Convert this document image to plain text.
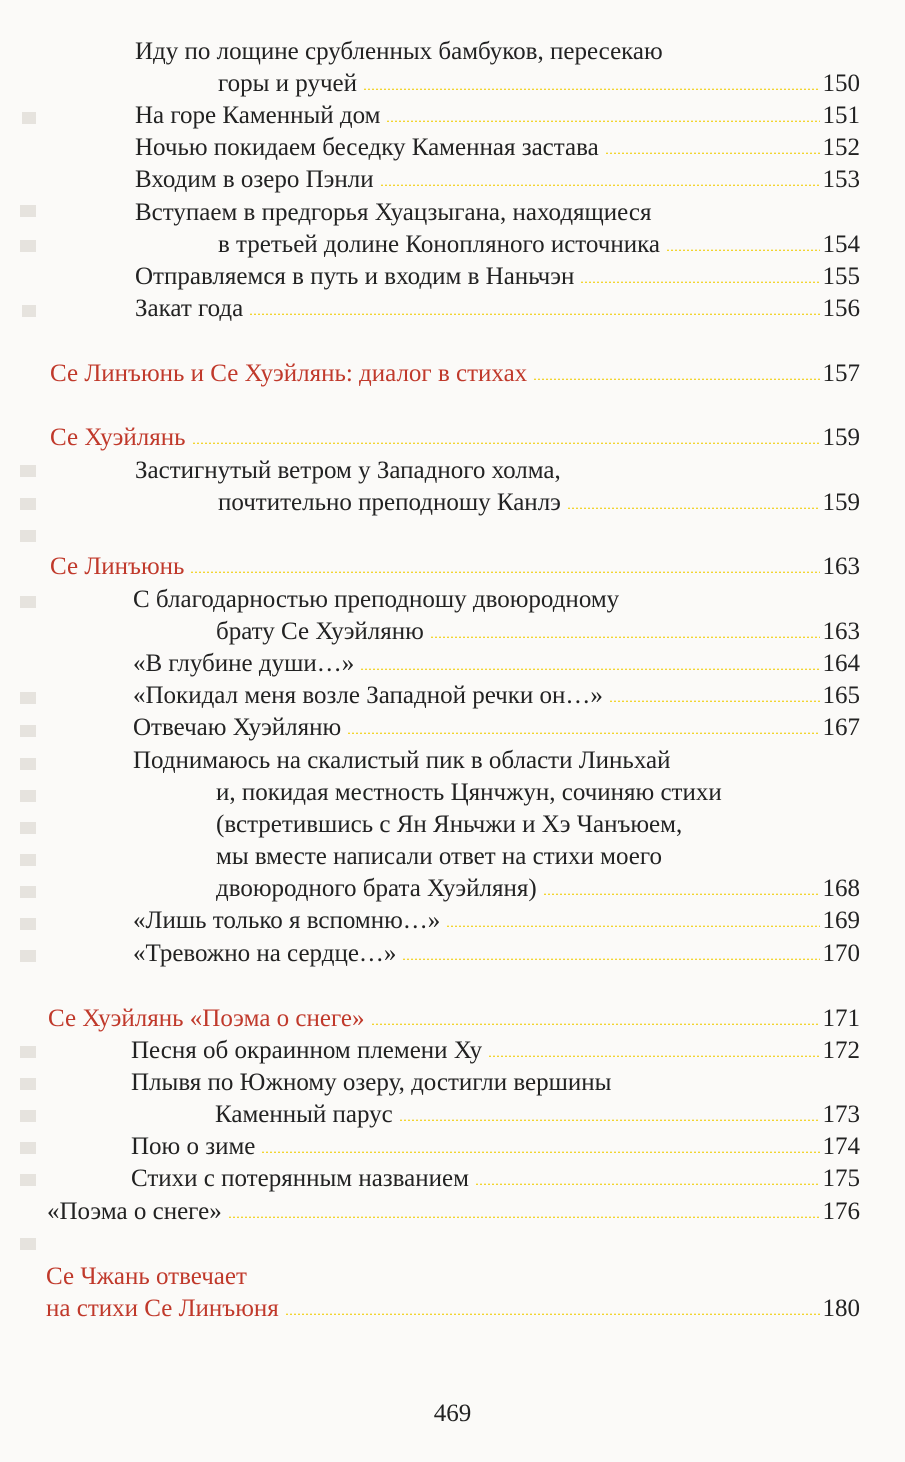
Иду по лощине срубленных бамбуков, пересекаю
горы и ручей	150
На горе Каменный дом	151
Ночью покидаем беседку Каменная застава	152
Входим в озеро Пэнли	153
Вступаем в предгорья Хуацзыгана, находящиеся
в третьей долине Конопляного источника	154
Отправляемся в путь и входим в Наньчэн	155
Закат года	156
Се Линъюнь и Се Хуэйлянь: диалог в стихах	157
Се Хуэйлянь	159
Застигнутый ветром у Западного холма,
почтительно преподношу Канлэ	159
Се Линъюнь	163
С благодарностью преподношу двоюродному
брату Се Хуэйляню	163
«В глубине души…»	164
«Покидал меня возле Западной речки он…»	165
Отвечаю Хуэйляню	167
Поднимаюсь на скалистый пик в области Линьхай
и, покидая местность Цянчжун, сочиняю стихи
(встретившись с Ян Яньчжи и Хэ Чанъюем,
мы вместе написали ответ на стихи моего
двоюродного брата Хуэйляня)	168
«Лишь только я вспомню…»	169
«Тревожно на сердце…»	170
Се Хуэйлянь «Поэма о снеге»	171
Песня об окраинном племени Ху	172
Плывя по Южному озеру, достигли вершины
Каменный парус	173
Пою о зиме	174
Стихи с потерянным названием	175
«Поэма о снеге»	176
Се Чжань отвечает
на стихи Се Линъюня	180
469
